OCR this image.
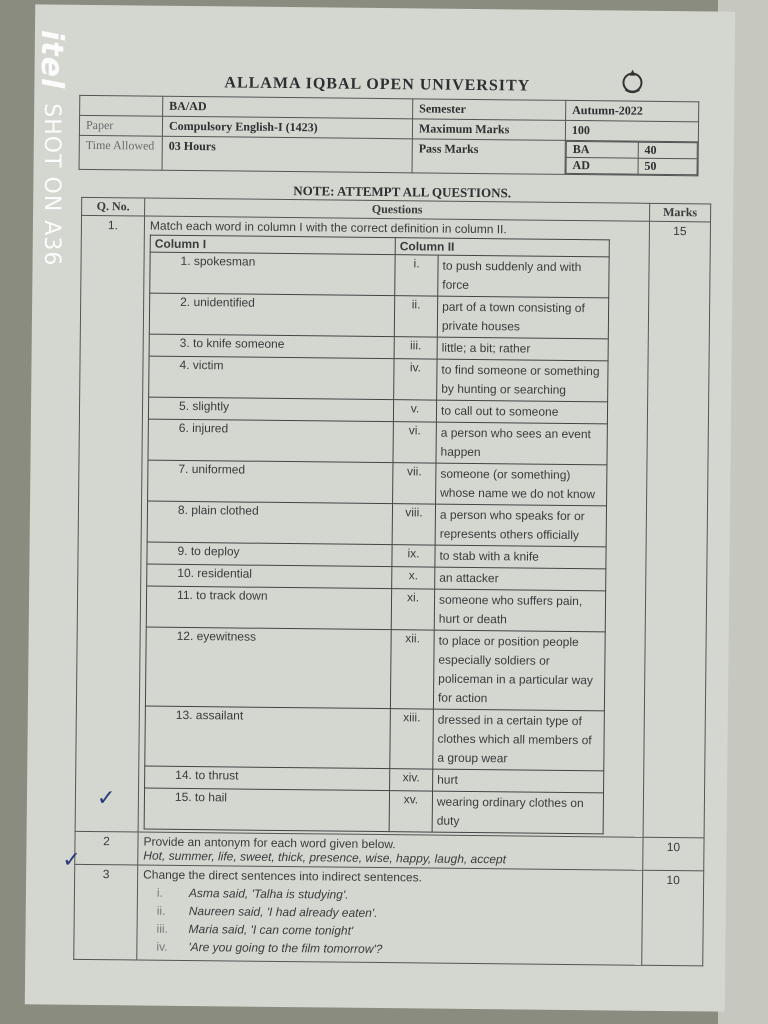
ALLAMA IQBAL OPEN UNIVERSITY
	BA/AD	Semester	Autumn-2022
Paper	Compulsory English-I (1423)	Maximum Marks	100
Time Allowed	03 Hours	Pass Marks		BA	40
AD	50
NOTE: ATTEMPT ALL QUESTIONS.
Q. No.	Questions	Marks
1.	Match each word in column I with the correct definition in column II.
Column I	Column II
1. spokesman	i.	to push suddenly and with force
2. unidentified	ii.	part of a town consisting of private houses
3. to knife someone	iii.	little; a bit; rather
4. victim	iv.	to find someone or something by hunting or searching
5. slightly	v.	to call out to someone
6. injured	vi.	a person who sees an event happen
7. uniformed	vii.	someone (or something) whose name we do not know
8. plain clothed	viii.	a person who speaks for or represents others officially
9. to deploy	ix.	to stab with a knife
10. residential	x.	an attacker
11. to track down	xi.	someone who suffers pain, hurt or death
12. eyewitness	xii.	to place or position people especially soldiers or policeman in a particular way for action
13. assailant	xiii.	dressed in a certain type of clothes which all members of a group wear
14. to thrust	xiv.	hurt
15. to hail	xv.	wearing ordinary clothes on duty
	15
2	Provide an antonym for each word given below.
Hot, summer, life, sweet, thick, presence, wise, happy, laugh, accept
	10
3	Change the direct sentences into indirect sentences.
i. Asma said, 'Talha is studying'.
ii. Naureen said, 'I had already eaten'.
iii. Maria said, 'I can come tonight'
iv. 'Are you going to the film tomorrow'?
	10
✓
✓
itel SHOT ON A36
